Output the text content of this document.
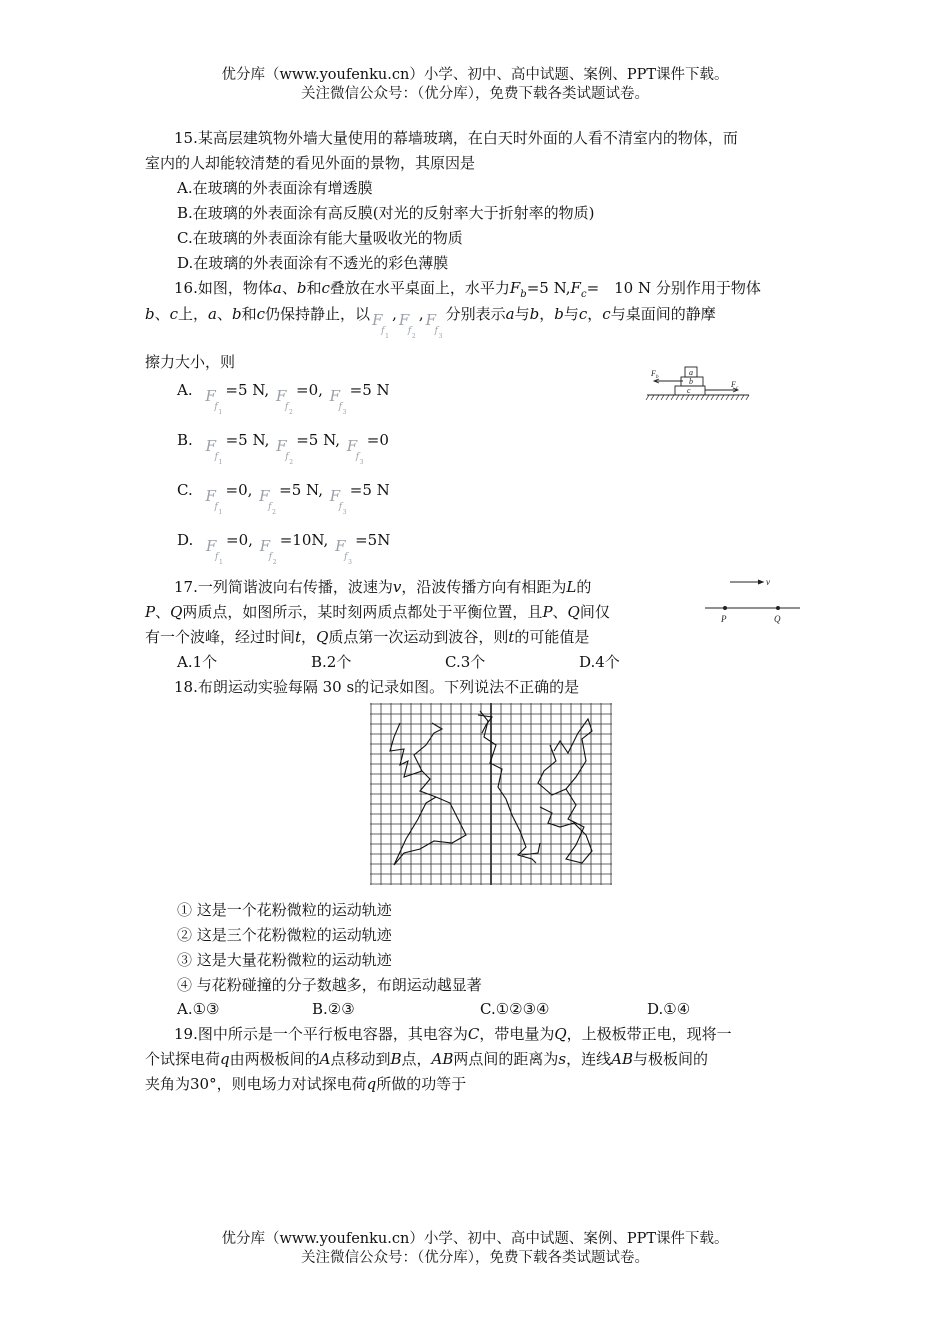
优分库（www.youfenku.cn）小学、初中、高中试题、案例、PPT课件下载。
关注微信公众号：（优分库），免费下载各类试题试卷。
15.某高层建筑物外墙大量使用的幕墙玻璃，在白天时外面的人看不清室内的物体，而
室内的人却能较清楚的看见外面的景物，其原因是
A.在玻璃的外表面涂有增透膜
B.在玻璃的外表面涂有高反膜(对光的反射率大于折射率的物质)
C.在玻璃的外表面涂有能大量吸收光的物质
D.在玻璃的外表面涂有不透光的彩色薄膜
16.如图，物体a、b和c叠放在水平桌面上，水平力$F_b=5$ $N,F_c=$　10 N 分别作用于物体
b、c上，a、b和c仍保持静止，以 F
f
1
, F
f
2
, F
f
3
分别表示a与b，b与c，c与桌面间的静摩
擦力大小，则
A. F
f
1
=5 N, F
f
2
=0, F
f
3
=5 N
B. F
f
1
=5 N, F
f
2
=5 N, F
f
3
=0
C. F
f
1
=0, F
f
2
=5 N, F
f
3
=5 N
D. F
f
1
=0, F
f
2
=10N, F
f
3
=5N
a
b
c
F b
F c
17.一列简谐波向右传播，波速为v，沿波传播方向有相距为L的
P、Q两质点，如图所示，某时刻两质点都处于平衡位置，且P、Q间仅
有一个波峰，经过时间t，Q质点第一次运动到波谷，则t的可能值是
A.1个	B.2个	C.3个	D.4个
v
P	Q
18.布朗运动实验每隔 30 s的记录如图。下列说法不正确的是
① 这是一个花粉微粒的运动轨迹
② 这是三个花粉微粒的运动轨迹
③ 这是大量花粉微粒的运动轨迹
④ 与花粉碰撞的分子数越多，布朗运动越显著
A.①③	B.②③	C.①②③④	D.①④
19.图中所示是一个平行板电容器，其电容为C，带电量为Q，上极板带正电，现将一
个试探电荷q由两极板间的A点移动到B点，AB两点间的距离为s，连线AB与极板间的
夹角为30°，则电场力对试探电荷q所做的功等于
优分库（www.youfenku.cn）小学、初中、高中试题、案例、PPT课件下载。
关注微信公众号：（优分库），免费下载各类试题试卷。
